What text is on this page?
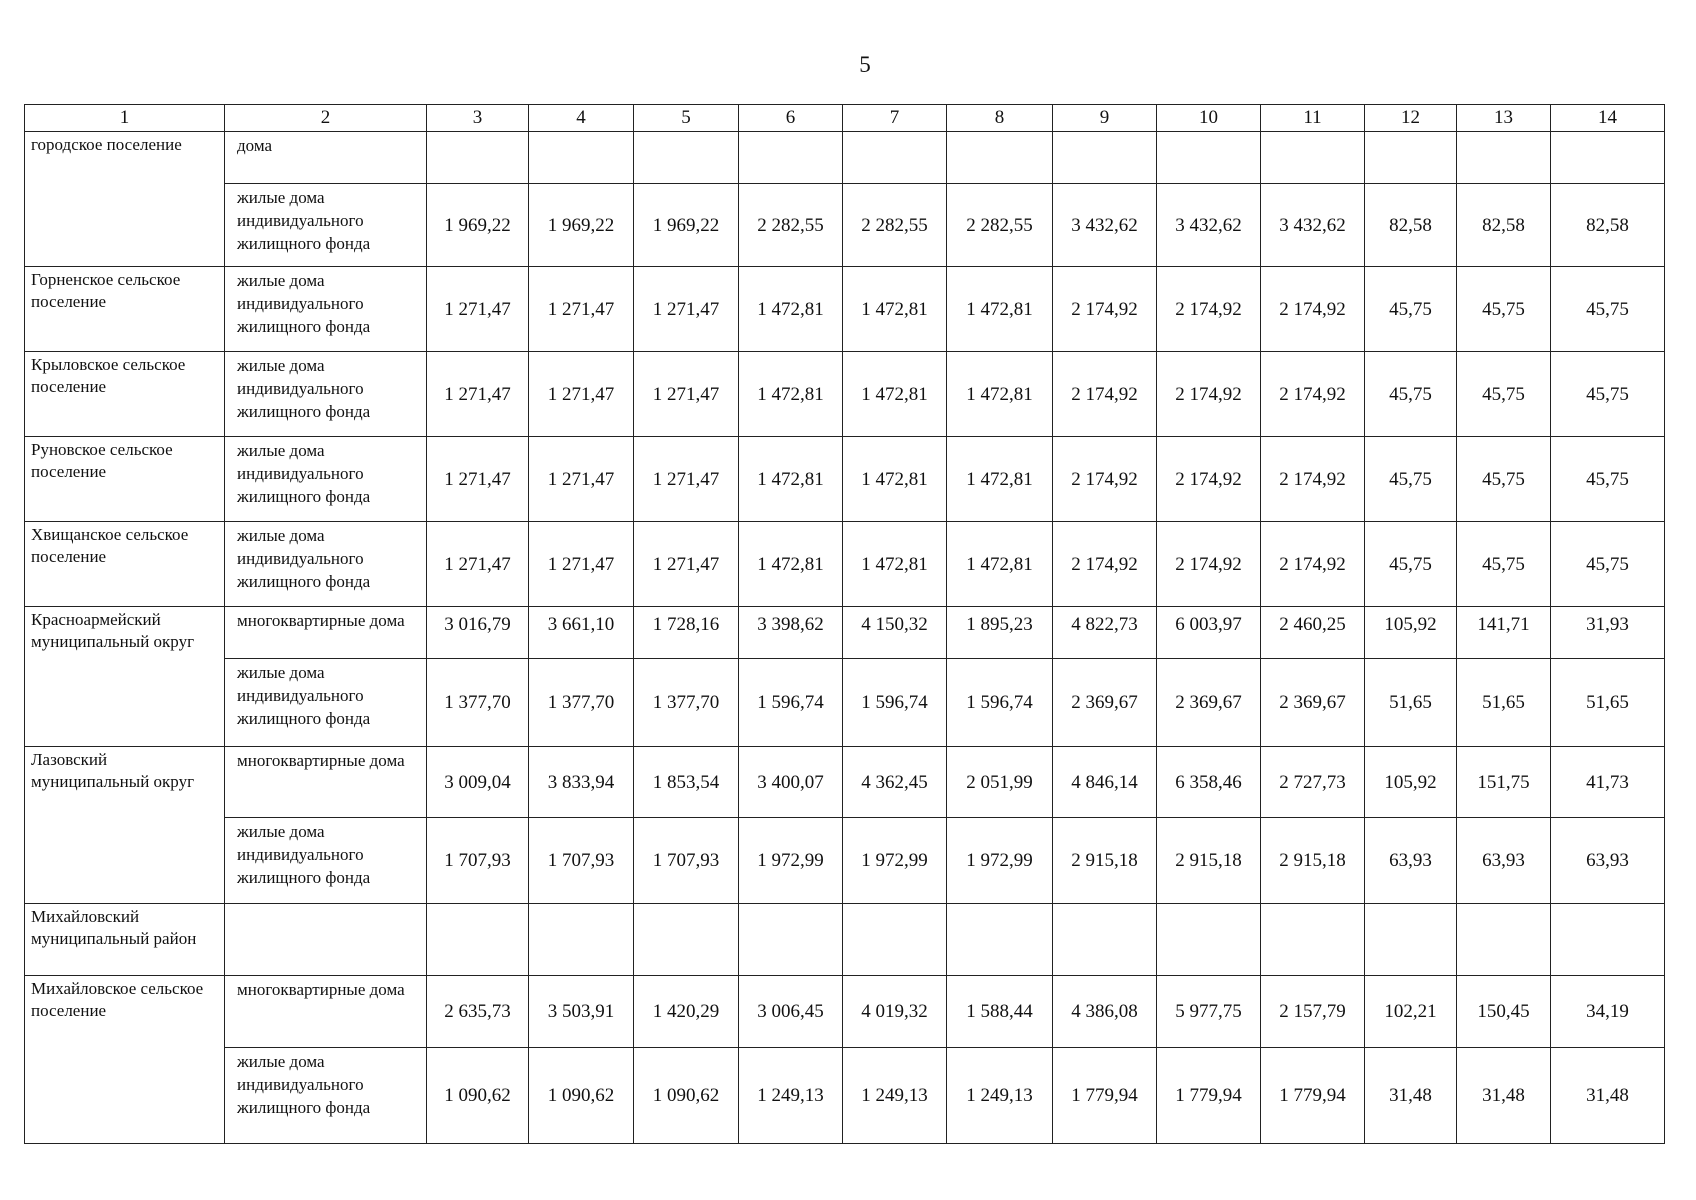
5
1	2	3	4	5	6	7	8	9	10	11	12	13	14
городское поселение	дома												
	жилые дома индивидуального жилищного фонда	1 969,22	1 969,22	1 969,22	2 282,55	2 282,55	2 282,55	3 432,62	3 432,62	3 432,62	82,58	82,58	82,58
Горненское сельское поселение	жилые дома индивидуального жилищного фонда	1 271,47	1 271,47	1 271,47	1 472,81	1 472,81	1 472,81	2 174,92	2 174,92	2 174,92	45,75	45,75	45,75
Крыловское сельское поселение	жилые дома индивидуального жилищного фонда	1 271,47	1 271,47	1 271,47	1 472,81	1 472,81	1 472,81	2 174,92	2 174,92	2 174,92	45,75	45,75	45,75
Руновское сельское поселение	жилые дома индивидуального жилищного фонда	1 271,47	1 271,47	1 271,47	1 472,81	1 472,81	1 472,81	2 174,92	2 174,92	2 174,92	45,75	45,75	45,75
Хвищанское сельское поселение	жилые дома индивидуального жилищного фонда	1 271,47	1 271,47	1 271,47	1 472,81	1 472,81	1 472,81	2 174,92	2 174,92	2 174,92	45,75	45,75	45,75
Красноармейский муниципальный округ	многоквартирные дома	3 016,79	3 661,10	1 728,16	3 398,62	4 150,32	1 895,23	4 822,73	6 003,97	2 460,25	105,92	141,71	31,93
	жилые дома индивидуального жилищного фонда	1 377,70	1 377,70	1 377,70	1 596,74	1 596,74	1 596,74	2 369,67	2 369,67	2 369,67	51,65	51,65	51,65
Лазовский муниципальный округ	многоквартирные дома	3 009,04	3 833,94	1 853,54	3 400,07	4 362,45	2 051,99	4 846,14	6 358,46	2 727,73	105,92	151,75	41,73
	жилые дома индивидуального жилищного фонда	1 707,93	1 707,93	1 707,93	1 972,99	1 972,99	1 972,99	2 915,18	2 915,18	2 915,18	63,93	63,93	63,93
Михайловский муниципальный район													
Михайловское сельское поселение	многоквартирные дома	2 635,73	3 503,91	1 420,29	3 006,45	4 019,32	1 588,44	4 386,08	5 977,75	2 157,79	102,21	150,45	34,19
	жилые дома индивидуального жилищного фонда	1 090,62	1 090,62	1 090,62	1 249,13	1 249,13	1 249,13	1 779,94	1 779,94	1 779,94	31,48	31,48	31,48
